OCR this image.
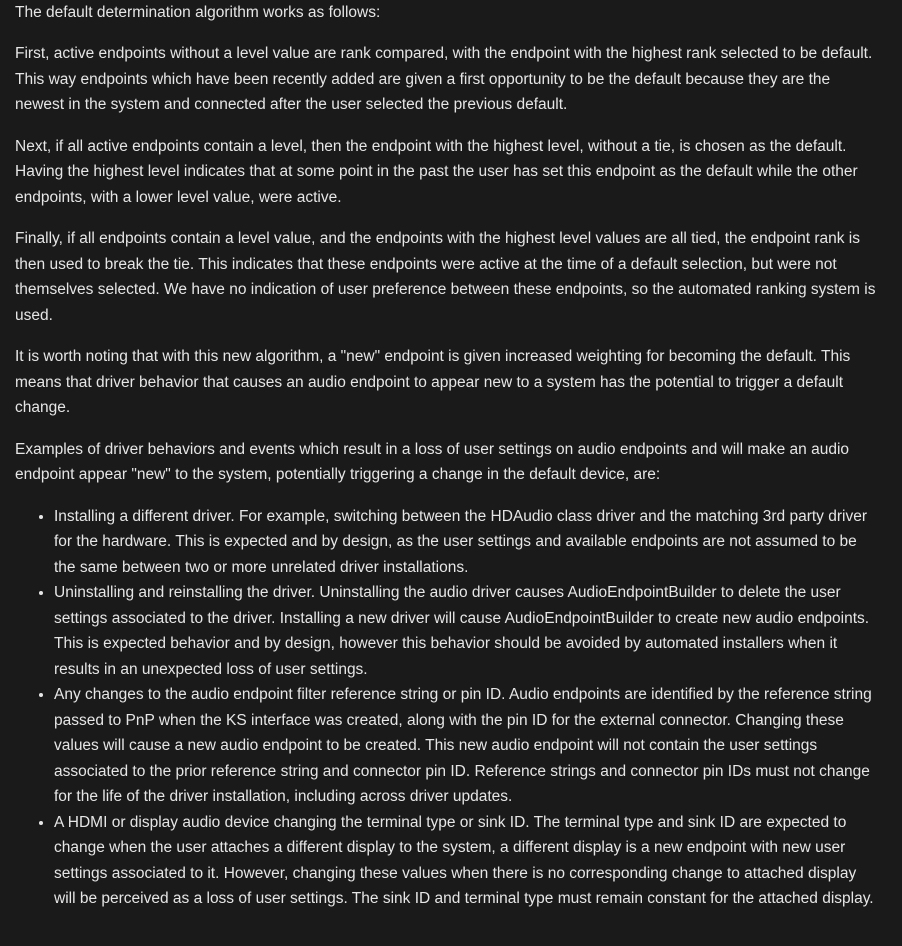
The default determination algorithm works as follows:

First, active endpoints without a level value are rank compared, with the endpoint with the highest rank selected to be default. This way endpoints which have been recently added are given a first opportunity to be the default because they are the newest in the system and connected after the user selected the previous default.

Next, if all active endpoints contain a level, then the endpoint with the highest level, without a tie, is chosen as the default. Having the highest level indicates that at some point in the past the user has set this endpoint as the default while the other endpoints, with a lower level value, were active.

Finally, if all endpoints contain a level value, and the endpoints with the highest level values are all tied, the endpoint rank is then used to break the tie. This indicates that these endpoints were active at the time of a default selection, but were not themselves selected. We have no indication of user preference between these endpoints, so the automated ranking system is used.

It is worth noting that with this new algorithm, a "new" endpoint is given increased weighting for becoming the default. This means that driver behavior that causes an audio endpoint to appear new to a system has the potential to trigger a default change.

Examples of driver behaviors and events which result in a loss of user settings on audio endpoints and will make an audio endpoint appear "new" to the system, potentially triggering a change in the default device, are:

• Installing a different driver. For example, switching between the HDAudio class driver and the matching 3rd party driver for the hardware. This is expected and by design, as the user settings and available endpoints are not assumed to be the same between two or more unrelated driver installations.
• Uninstalling and reinstalling the driver. Uninstalling the audio driver causes AudioEndpointBuilder to delete the user settings associated to the driver. Installing a new driver will cause AudioEndpointBuilder to create new audio endpoints. This is expected behavior and by design, however this behavior should be avoided by automated installers when it results in an unexpected loss of user settings.
• Any changes to the audio endpoint filter reference string or pin ID. Audio endpoints are identified by the reference string passed to PnP when the KS interface was created, along with the pin ID for the external connector. Changing these values will cause a new audio endpoint to be created. This new audio endpoint will not contain the user settings associated to the prior reference string and connector pin ID. Reference strings and connector pin IDs must not change for the life of the driver installation, including across driver updates.
• A HDMI or display audio device changing the terminal type or sink ID. The terminal type and sink ID are expected to change when the user attaches a different display to the system, a different display is a new endpoint with new user settings associated to it. However, changing these values when there is no corresponding change to attached display will be perceived as a loss of user settings. The sink ID and terminal type must remain constant for the attached display.
